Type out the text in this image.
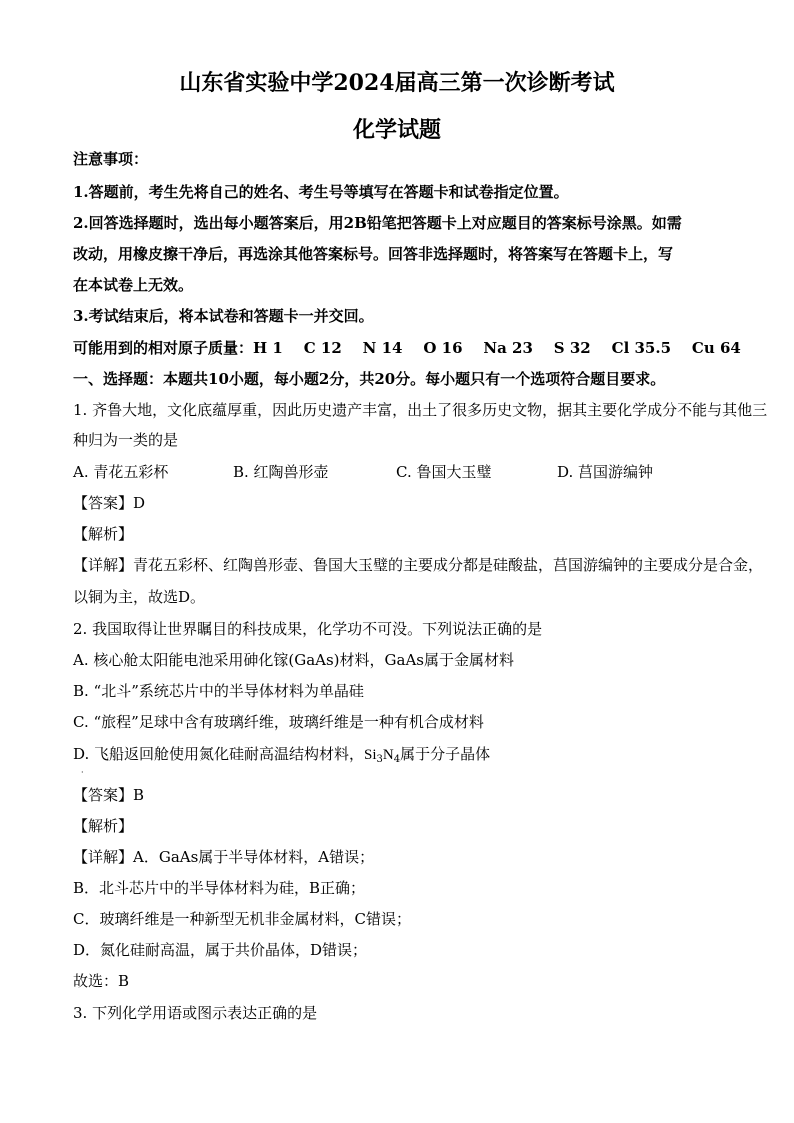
山东省实验中学2024届高三第一次诊断考试
化学试题
注意事项：
1.答题前，考生先将自己的姓名、考生号等填写在答题卡和试卷指定位置。
2.回答选择题时，选出每小题答案后，用2B铅笔把答题卡上对应题目的答案标号涂黑。如需
改动，用橡皮擦干净后，再选涂其他答案标号。回答非选择题时，将答案写在答题卡上，写
在本试卷上无效。
3.考试结束后，将本试卷和答题卡一并交回。
可能用到的相对原子质量：H 1    C 12    N 14    O 16    Na 23    S 32    Cl 35.5    Cu 64
一、选择题：本题共10小题，每小题2分，共20分。每小题只有一个选项符合题目要求。
1. 齐鲁大地，文化底蕴厚重，因此历史遗产丰富，出土了很多历史文物，据其主要化学成分不能与其他三
种归为一类的是
A. 青花五彩杯	B. 红陶兽形壶	C. 鲁国大玉璧	D. 莒国游编钟
【答案】D
【解析】
【详解】青花五彩杯、红陶兽形壶、鲁国大玉璧的主要成分都是硅酸盐，莒国游编钟的主要成分是合金，
以铜为主，故选D。
2. 我国取得让世界瞩目的科技成果，化学功不可没。下列说法正确的是
A. 核心舱太阳能电池采用砷化镓(GaAs)材料，GaAs属于金属材料
B. “北斗”系统芯片中的半导体材料为单晶硅
C. “旅程”足球中含有玻璃纤维，玻璃纤维是一种有机合成材料
D. 飞船返回舱使用氮化硅耐高温结构材料，$Si_3N_4$属于分子晶体
·
【答案】B
【解析】
【详解】A．GaAs属于半导体材料，A错误；
B．北斗芯片中的半导体材料为硅，B正确；
C．玻璃纤维是一种新型无机非金属材料，C错误；
D．氮化硅耐高温，属于共价晶体，D错误；
故选：B
3. 下列化学用语或图示表达正确的是
